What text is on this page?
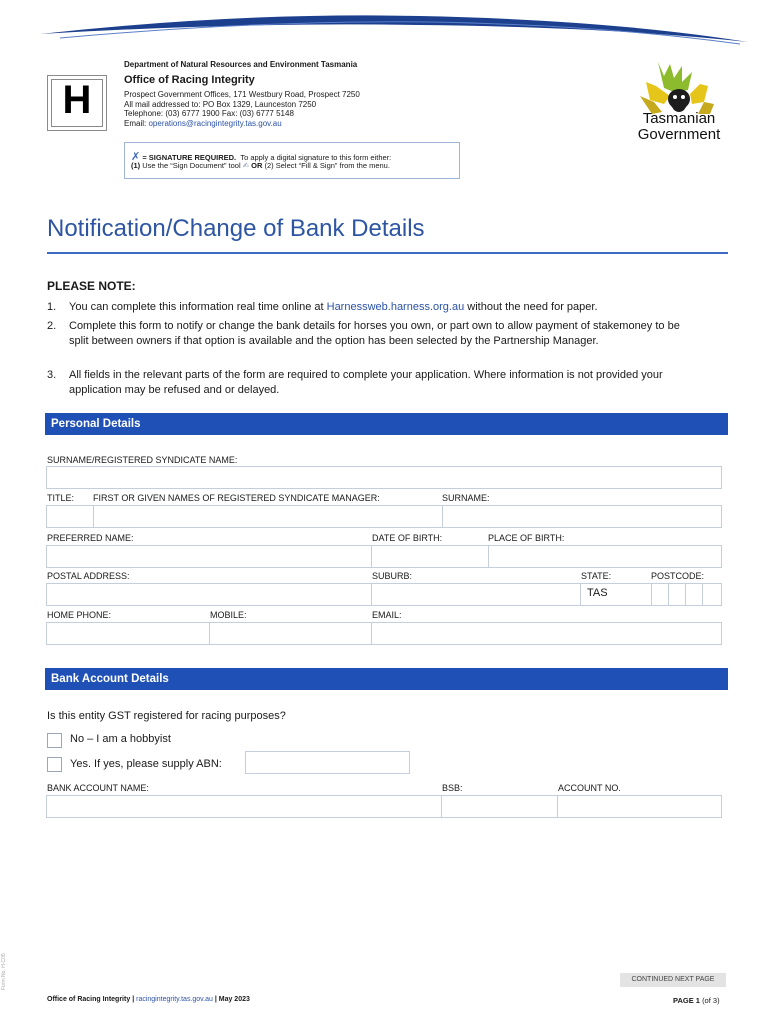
H
Department of Natural Resources and Environment Tasmania
Office of Racing Integrity
Prospect Government Offices, 171 Westbury Road, Prospect 7250
All mail addressed to: PO Box 1329, Launceston 7250
Telephone: (03) 6777 1900 Fax: (03) 6777 5148
Email: operations@racingintegrity.tas.gov.au
✗ = SIGNATURE REQUIRED. To apply a digital signature to this form either:
(1) Use the “Sign Document” tool ✍ OR (2) Select “Fill & Sign” from the menu.
Tasmanian
Government
Notification/Change of Bank Details
PLEASE NOTE:
1. You can complete this information real time online at Harnessweb.harness.org.au without the need for paper.
2. Complete this form to notify or change the bank details for horses you own, or part own to allow payment of stakemoney to be split between owners if that option is available and the option has been selected by the Partnership Manager.
3. All fields in the relevant parts of the form are required to complete your application. Where information is not provided your application may be refused and or delayed.
Personal Details
SURNAME/REGISTERED SYNDICATE NAME:
TITLE: FIRST OR GIVEN NAMES OF REGISTERED SYNDICATE MANAGER:	SURNAME:
PREFERRED NAME:	DATE OF BIRTH:	PLACE OF BIRTH:
POSTAL ADDRESS:	SUBURB:	STATE:	POSTCODE:
TAS
HOME PHONE:	MOBILE:	EMAIL:
Bank Account Details
Is this entity GST registered for racing purposes?
No – I am a hobbyist
Yes. If yes, please supply ABN:
BANK ACCOUNT NAME:	BSB:	ACCOUNT NO.
CONTINUED NEXT PAGE
Office of Racing Integrity | racingintegrity.tas.gov.au | May 2023	PAGE 1 (of 3)
Form No. H-C05
